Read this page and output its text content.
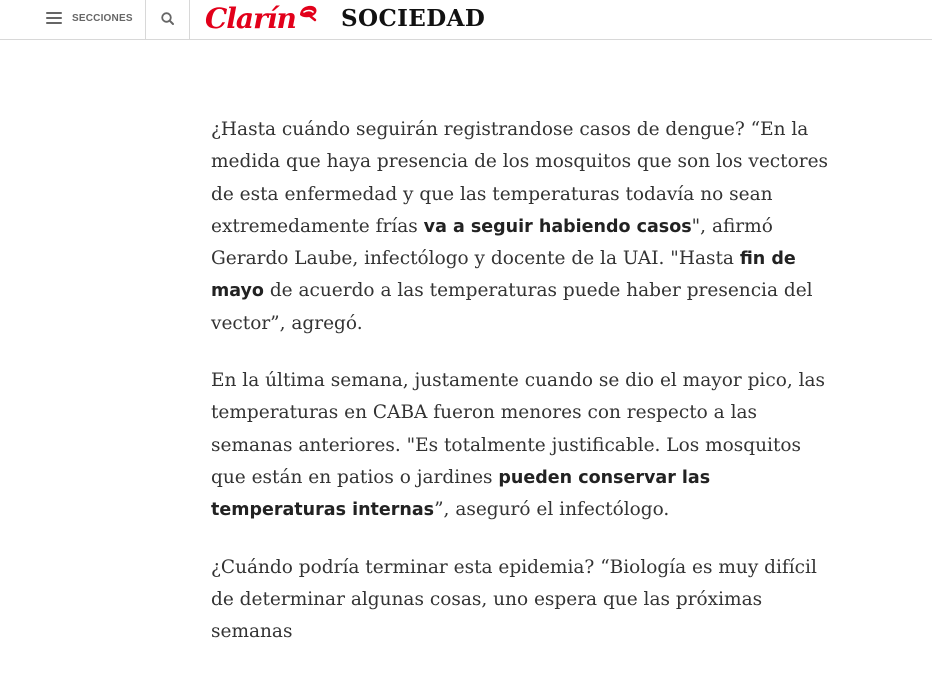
SECCIONES	Clarín SOCIEDAD

¿Hasta cuándo seguirán registrandose casos de dengue? “En la medida que haya presencia de los mosquitos que son los vectores de esta enfermedad y que las temperaturas todavía no sean extremedamente frías va a seguir habiendo casos", afirmó Gerardo Laube, infectólogo y docente de la UAI. "Hasta fin de mayo de acuerdo a las temperaturas puede haber presencia del vector”, agregó.

En la última semana, justamente cuando se dio el mayor pico, las temperaturas en CABA fueron menores con respecto a las semanas anteriores. "Es totalmente justificable. Los mosquitos que están en patios o jardines pueden conservar las temperaturas internas”, aseguró el infectólogo.

¿Cuándo podría terminar esta epidemia? “Biología es muy difícil de determinar algunas cosas, uno espera que las próximas semanas
